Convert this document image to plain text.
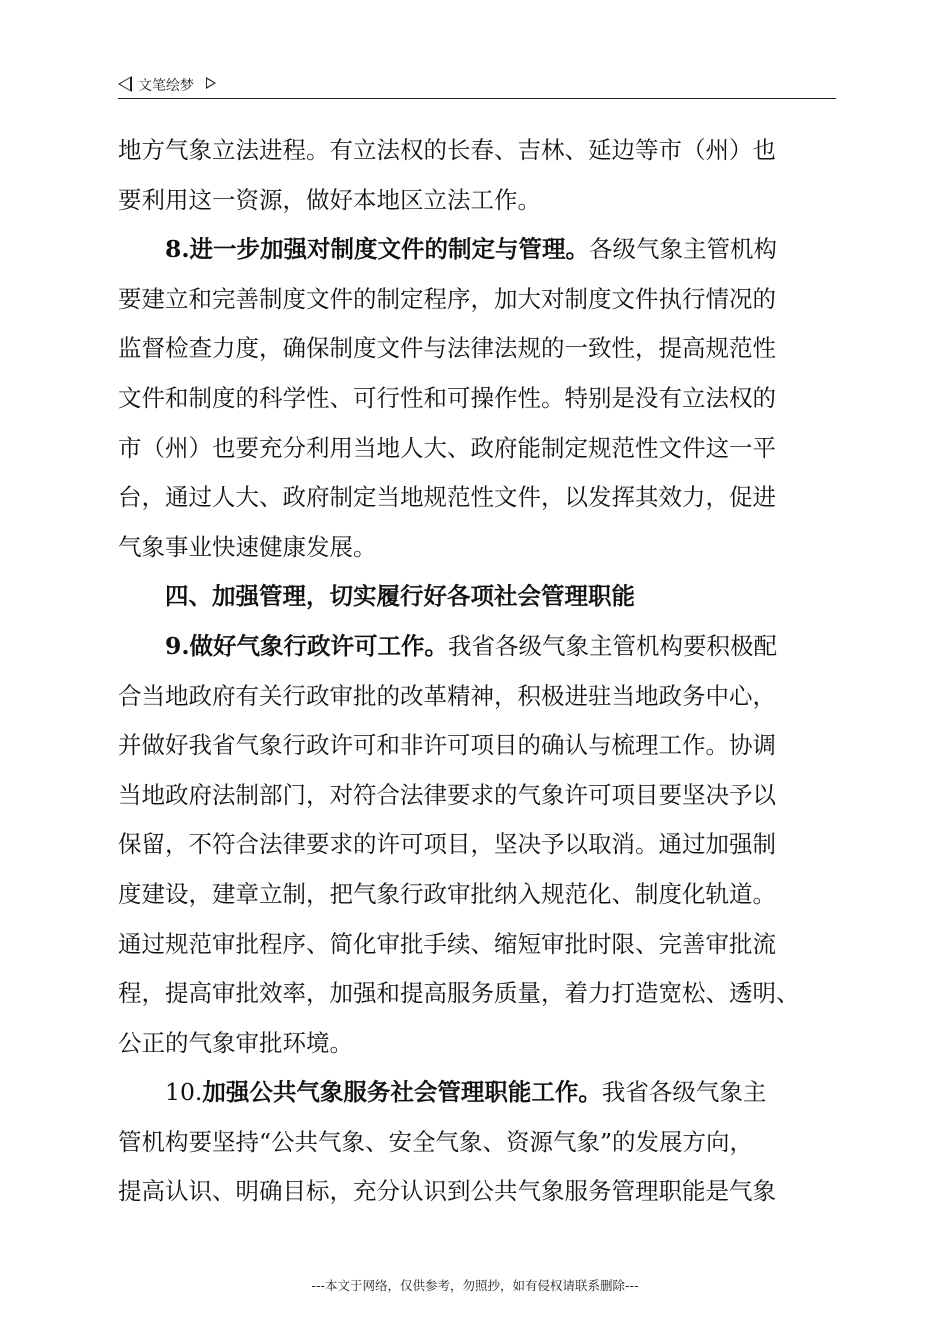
文笔绘梦
地方气象立法进程。有立法权的长春、吉林、延边等市（州）也
要利用这一资源，做好本地区立法工作。
8.进一步加强对制度文件的制定与管理。各级气象主管机构
要建立和完善制度文件的制定程序，加大对制度文件执行情况的
监督检查力度，确保制度文件与法律法规的一致性，提高规范性
文件和制度的科学性、可行性和可操作性。特别是没有立法权的
市（州）也要充分利用当地人大、政府能制定规范性文件这一平
台，通过人大、政府制定当地规范性文件，以发挥其效力，促进
气象事业快速健康发展。
四、加强管理，切实履行好各项社会管理职能
9.做好气象行政许可工作。我省各级气象主管机构要积极配
合当地政府有关行政审批的改革精神，积极进驻当地政务中心，
并做好我省气象行政许可和非许可项目的确认与梳理工作。协调
当地政府法制部门，对符合法律要求的气象许可项目要坚决予以
保留，不符合法律要求的许可项目，坚决予以取消。通过加强制
度建设，建章立制，把气象行政审批纳入规范化、制度化轨道。
通过规范审批程序、简化审批手续、缩短审批时限、完善审批流
程，提高审批效率，加强和提高服务质量，着力打造宽松、透明、
公正的气象审批环境。
10.加强公共气象服务社会管理职能工作。我省各级气象主
管机构要坚持“公共气象、安全气象、资源气象”的发展方向，
提高认识、明确目标，充分认识到公共气象服务管理职能是气象
---本文于网络，仅供参考，勿照抄，如有侵权请联系删除---
